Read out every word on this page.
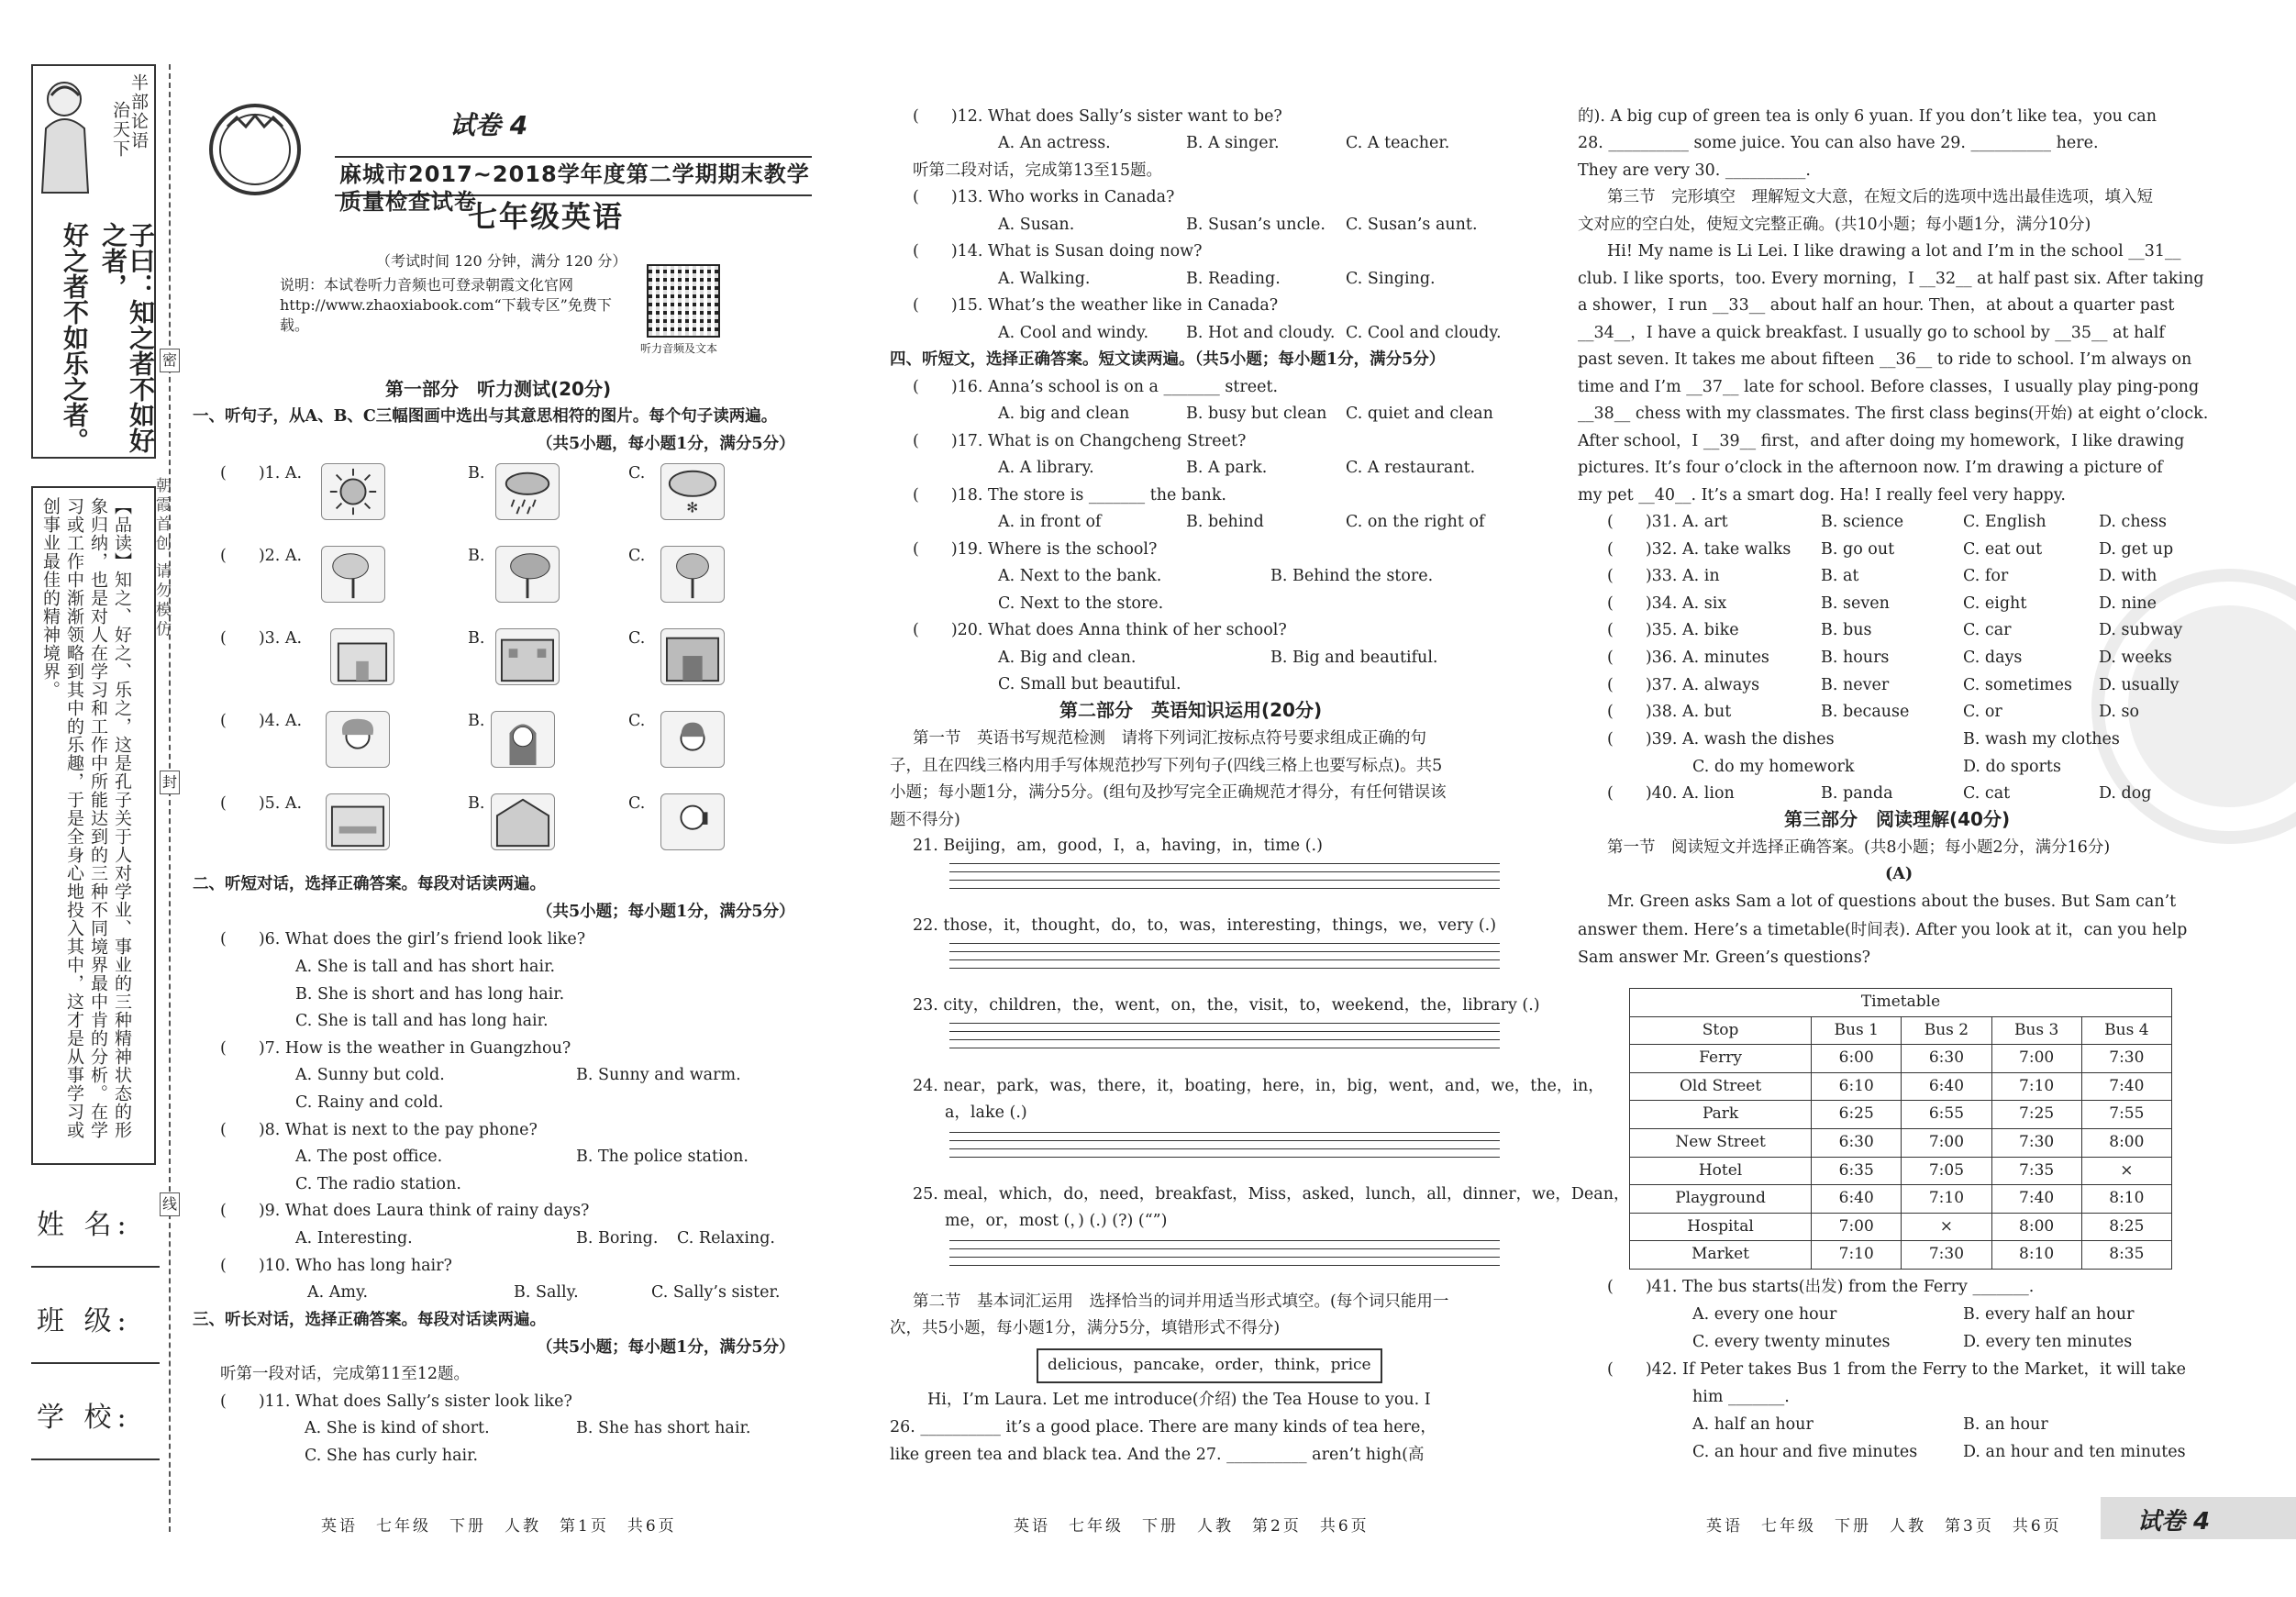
半部论语
治天下
子曰：知之者不如好之者，
好之者不如乐之者。
【品读】知之、好之、乐之，这是孔子关于人对学业、事业的三种精神状态的形象归纳，也是对人在学习和工作中所能达到的三种不同境界最中肯的分析。在学习或工作中渐渐领略到其中的乐趣，于是全身心地投入其中，这才是从事学习或创事业最佳的精神境界。
姓 名:
班 级:
学 校:
朝霞首创 请勿模仿
密
封
线
试卷 4
麻城市2017~2018学年度第二学期期末教学质量检查试卷
七年级英语
（考试时间 120 分钟，满分 120 分）
说明：本试卷听力音频也可登录朝霞文化官网 http://www.zhaoxiabook.com“下载专区”免费下载。
听力音频及文本
第一部分　听力测试(20分)
一、听句子，从A、B、C三幅图画中选出与其意思相符的图片。每个句子读两遍。
（共5小题，每小题1分，满分5分）
(　　)1. A.	B.	C.
✻
(　　)2. A.	B.	C.
(　　)3. A.	B.	C.
(　　)4. A.	B.	C.
(　　)5. A.	B.	C.
二、听短对话，选择正确答案。每段对话读两遍。
（共5小题；每小题1分，满分5分）
(　　)6. What does the girl’s friend look like?
A. She is tall and has short hair.
B. She is short and has long hair.
C. She is tall and has long hair.
(　　)7. How is the weather in Guangzhou?
A. Sunny but cold.	B. Sunny and warm.
C. Rainy and cold.
(　　)8. What is next to the pay phone?
A. The post office.	B. The police station.
C. The radio station.
(　　)9. What does Laura think of rainy days?
A. Interesting.	B. Boring. C. Relaxing.
(　　)10. Who has long hair?
A. Amy.	B. Sally.	C. Sally’s sister.
三、听长对话，选择正确答案。每段对话读两遍。
（共5小题；每小题1分，满分5分）
听第一段对话，完成第11至12题。
(　　)11. What does Sally’s sister look like?
A. She is kind of short.	B. She has short hair.
C. She has curly hair.
英语　七年级　下册　人教　第1页　共6页
(　　)12. What does Sally’s sister want to be?
A. An actress.	B. A singer.	C. A teacher.
听第二段对话，完成第13至15题。
(　　)13. Who works in Canada?
A. Susan.	B. Susan’s uncle. C. Susan’s aunt.
(　　)14. What is Susan doing now?
A. Walking.	B. Reading.	C. Singing.
(　　)15. What’s the weather like in Canada?
A. Cool and windy. B. Hot and cloudy. C. Cool and cloudy.
四、听短文，选择正确答案。短文读两遍。（共5小题；每小题1分，满分5分）
(　　)16. Anna’s school is on a _______ street.
A. big and clean	B. busy but clean C. quiet and clean
(　　)17. What is on Changcheng Street?
A. A library.	B. A park.	C. A restaurant.
(　　)18. The store is _______ the bank.
A. in front of	B. behind	C. on the right of
(　　)19. Where is the school?
A. Next to the bank.	B. Behind the store.
C. Next to the store.
(　　)20. What does Anna think of her school?
A. Big and clean.	B. Big and beautiful.
C. Small but beautiful.
第二部分　英语知识运用(20分)
第一节　英语书写规范检测　请将下列词汇按标点符号要求组成正确的句
子，且在四线三格内用手写体规范抄写下列句子(四线三格上也要写标点)。共5
小题；每小题1分，满分5分。(组句及抄写完全正确规范才得分，有任何错误该
题不得分)
21. Beijing，am，good，I，a，having，in，time (.)
22. those，it，thought，do，to，was，interesting，things，we，very (.)
23. city，children，the，went，on，the，visit，to，weekend，the，library (.)
24. near，park，was，there，it，boating，here，in，big，went，and，we，the，in，
a，lake (.)
25. meal，which，do，need，breakfast，Miss，asked，lunch，all，dinner，we，Dean，
me，or，most (，) (.) (?) (“”)
第二节　基本词汇运用　选择恰当的词并用适当形式填空。(每个词只能用一
次，共5小题，每小题1分，满分5分，填错形式不得分)
delicious，pancake，order，think，price
Hi，I’m Laura. Let me introduce(介绍) the Tea House to you. I
26. __________ it’s a good place. There are many kinds of tea here，
like green tea and black tea. And the 27. __________ aren’t high(高
英语　七年级　下册　人教　第2页　共6页
的). A big cup of green tea is only 6 yuan. If you don’t like tea，you can
28. __________ some juice. You can also have 29. __________ here.
They are very 30. __________.
第三节　完形填空　理解短文大意，在短文后的选项中选出最佳选项，填入短
文对应的空白处，使短文完整正确。(共10小题；每小题1分，满分10分)
Hi! My name is Li Lei. I like drawing a lot and I’m in the school __31__
club. I like sports，too. Every morning，I __32__ at half past six. After taking
a shower，I run __33__ about half an hour. Then，at about a quarter past
__34__，I have a quick breakfast. I usually go to school by __35__ at half
past seven. It takes me about fifteen __36__ to ride to school. I’m always on
time and I’m __37__ late for school. Before classes，I usually play ping-pong
__38__ chess with my classmates. The first class begins(开始) at eight o’clock.
After school，I __39__ first，and after doing my homework，I like drawing
pictures. It’s four o’clock in the afternoon now. I’m drawing a picture of
my pet __40__. It’s a smart dog. Ha! I really feel very happy.
(　　)31. A. art	B. science	C. English	D. chess
(　　)32. A. take walks B. go out	C. eat out	D. get up
(　　)33. A. in	B. at	C. for	D. with
(　　)34. A. six	B. seven	C. eight	D. nine
(　　)35. A. bike	B. bus	C. car	D. subway
(　　)36. A. minutes	B. hours	C. days	D. weeks
(　　)37. A. always	B. never	C. sometimes D. usually
(　　)38. A. but	B. because	C. or	D. so
(　　)39. A. wash the dishes	B. wash my clothes
C. do my homework	D. do sports
(　　)40. A. lion	B. panda	C. cat	D. dog
第三部分　阅读理解(40分)
第一节　阅读短文并选择正确答案。(共8小题；每小题2分，满分16分)
(A)
Mr. Green asks Sam a lot of questions about the buses. But Sam can’t
answer them. Here’s a timetable(时间表). After you look at it，can you help
Sam answer Mr. Green’s questions?
Timetable				
Stop	Bus 1	Bus 2	Bus 3	Bus 4
Ferry	6:00	6:30	7:00	7:30
Old Street	6:10	6:40	7:10	7:40
Park	6:25	6:55	7:25	7:55
New Street	6:30	7:00	7:30	8:00
Hotel	6:35	7:05	7:35	×
Playground	6:40	7:10	7:40	8:10
Hospital	7:00	×	8:00	8:25
Market	7:10	7:30	8:10	8:35
(　　)41. The bus starts(出发) from the Ferry _______.
A. every one hour	B. every half an hour
C. every twenty minutes	D. every ten minutes
(　　)42. If Peter takes Bus 1 from the Ferry to the Market，it will take
him _______.
A. half an hour	B. an hour
C. an hour and five minutes	D. an hour and ten minutes
英语　七年级　下册　人教　第3页　共6页	试卷 4
